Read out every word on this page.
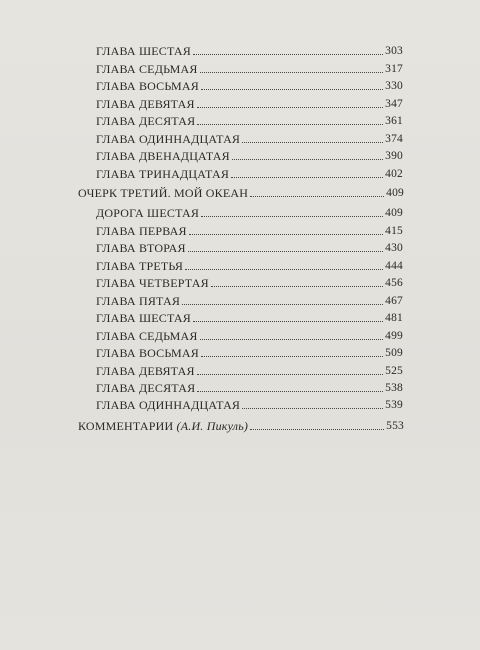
ГЛАВА ШЕСТАЯ	303
ГЛАВА СЕДЬМАЯ	317
ГЛАВА ВОСЬМАЯ	330
ГЛАВА ДЕВЯТАЯ	347
ГЛАВА ДЕСЯТАЯ	361
ГЛАВА ОДИННАДЦАТАЯ	374
ГЛАВА ДВЕНАДЦАТАЯ	390
ГЛАВА ТРИНАДЦАТАЯ	402
ОЧЕРК ТРЕТИЙ. МОЙ ОКЕАН	409
ДОРОГА ШЕСТАЯ	409
ГЛАВА ПЕРВАЯ	415
ГЛАВА ВТОРАЯ	430
ГЛАВА ТРЕТЬЯ	444
ГЛАВА ЧЕТВЕРТАЯ	456
ГЛАВА ПЯТАЯ	467
ГЛАВА ШЕСТАЯ	481
ГЛАВА СЕДЬМАЯ	499
ГЛАВА ВОСЬМАЯ	509
ГЛАВА ДЕВЯТАЯ	525
ГЛАВА ДЕСЯТАЯ	538
ГЛАВА ОДИННАДЦАТАЯ	539
КОММЕНТАРИИ (А.И. Пикуль)	553
